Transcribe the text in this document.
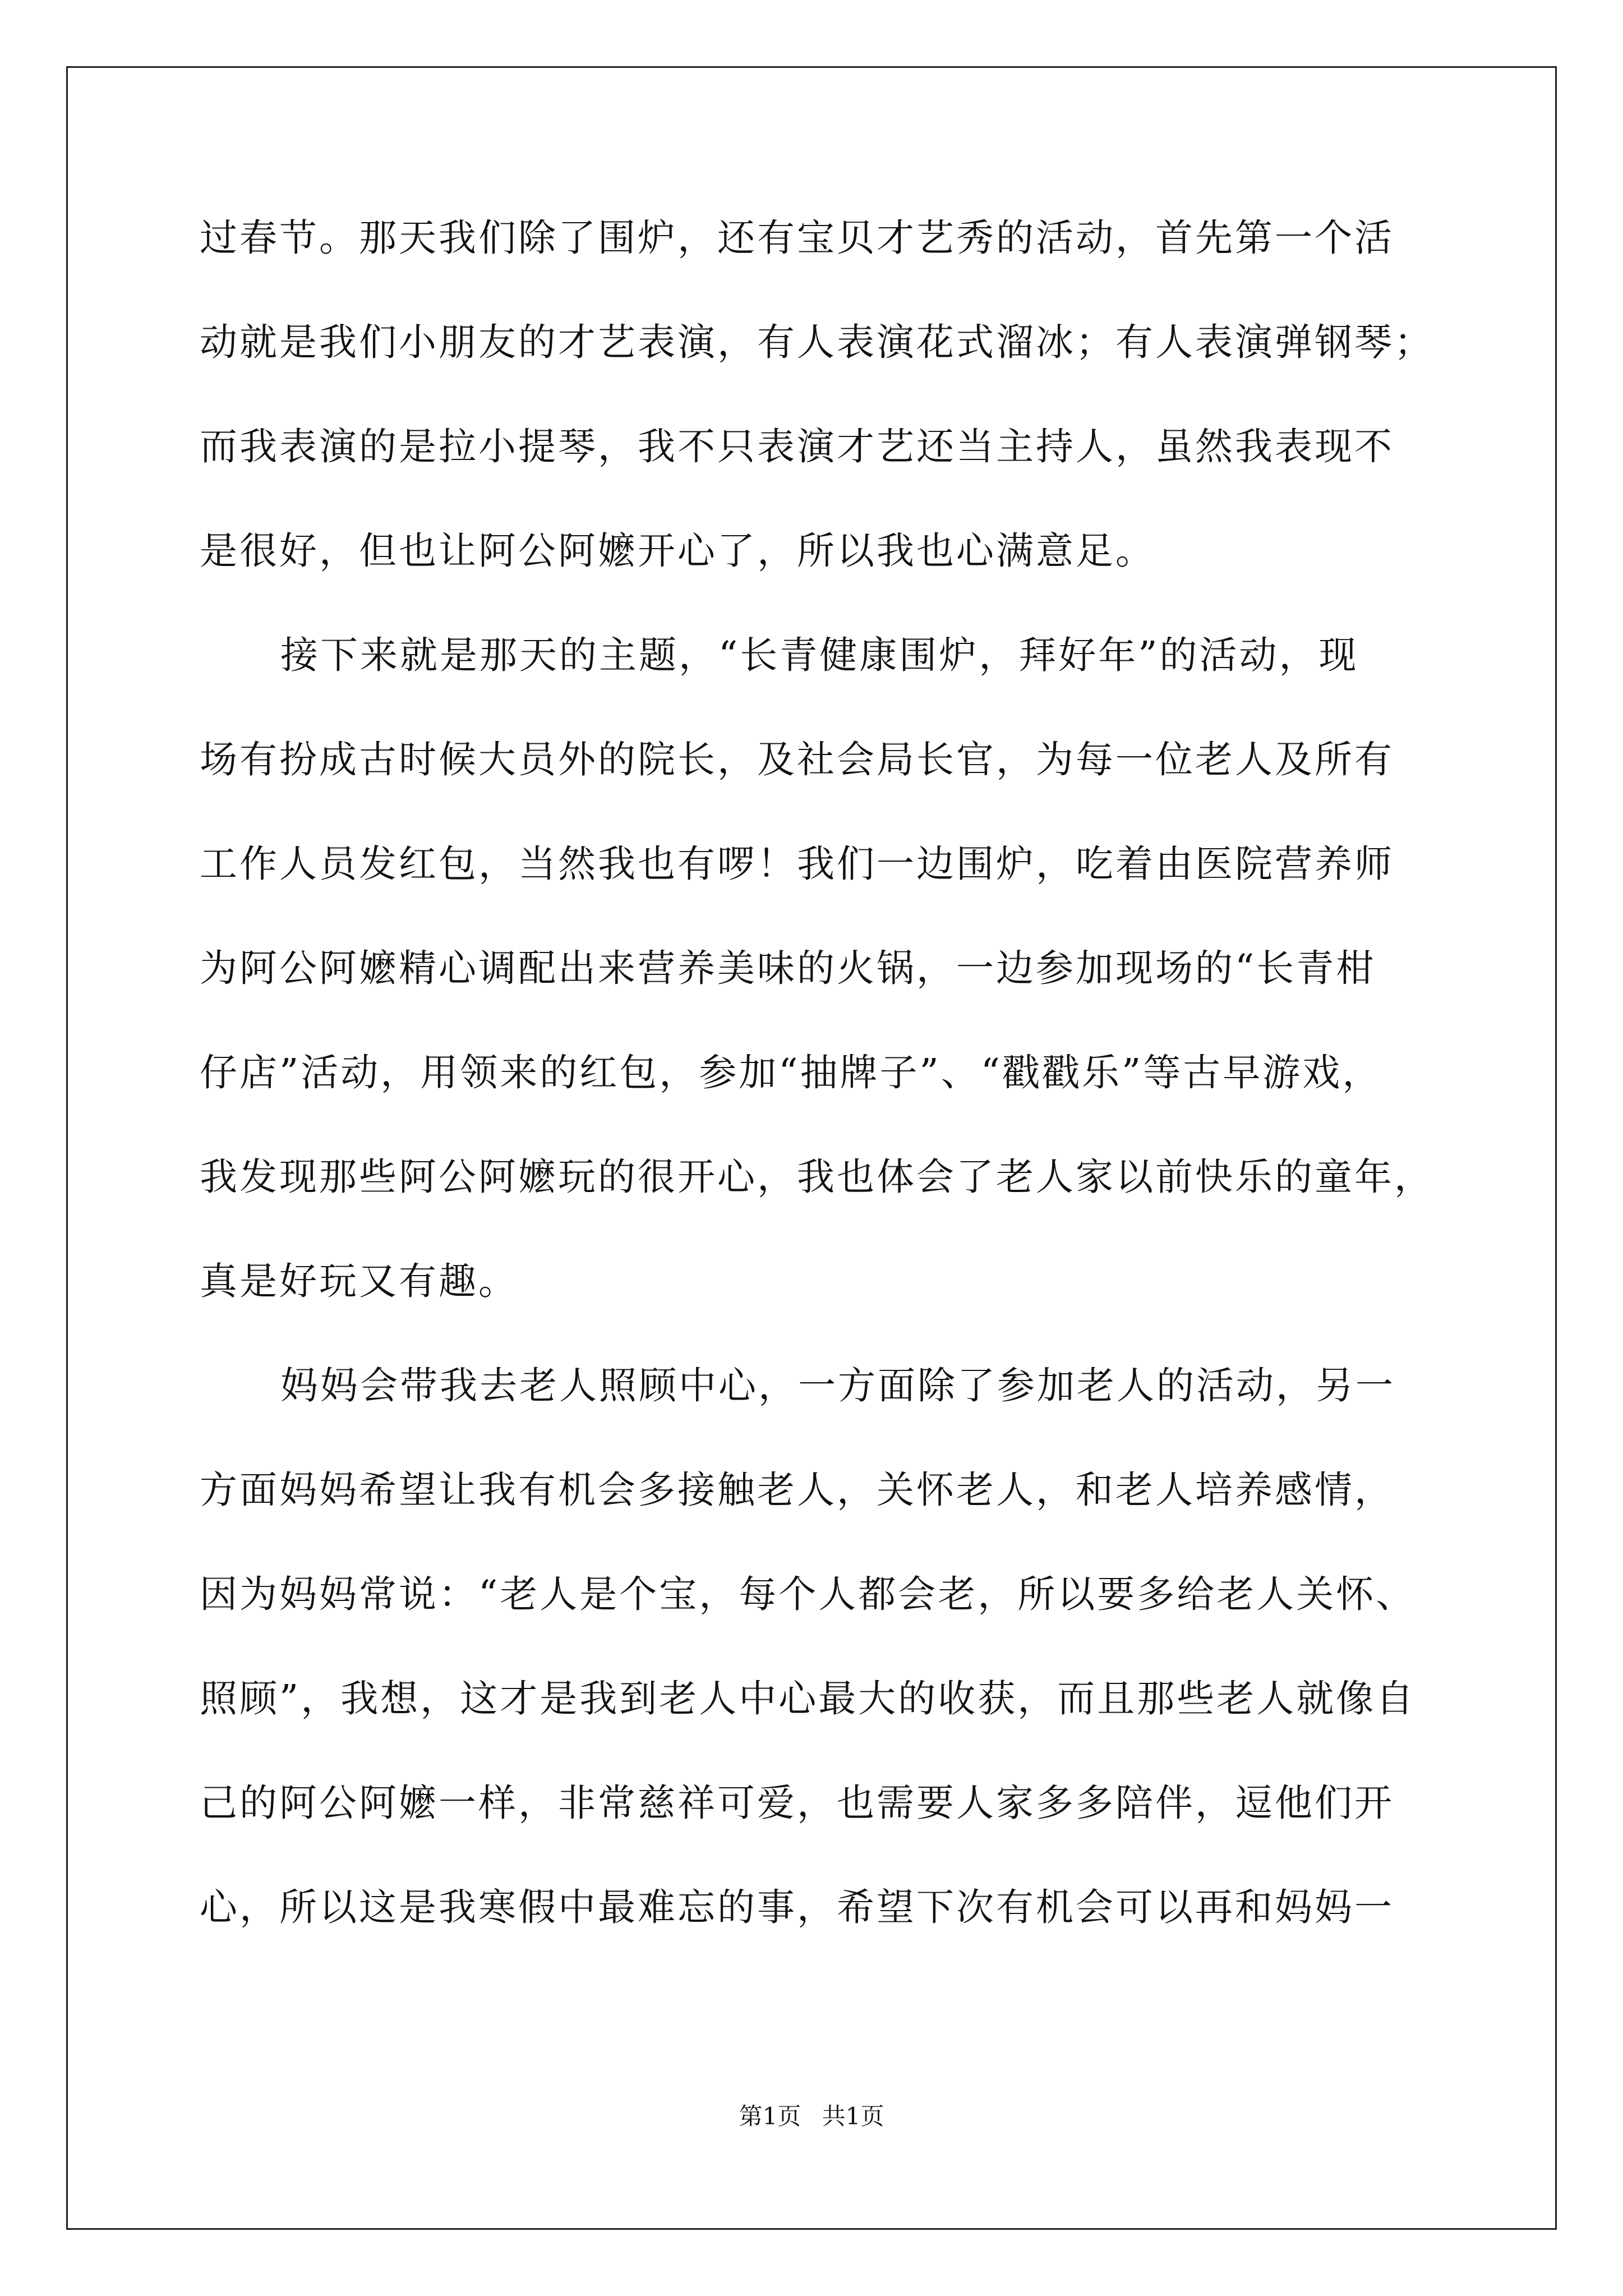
过春节。那天我们除了围炉，还有宝贝才艺秀的活动，首先第一个活
动就是我们小朋友的才艺表演，有人表演花式溜冰；有人表演弹钢琴；
而我表演的是拉小提琴，我不只表演才艺还当主持人，虽然我表现不
是很好，但也让阿公阿嬷开心了，所以我也心满意足。
接下来就是那天的主题，“长青健康围炉，拜好年”的活动，现
场有扮成古时候大员外的院长，及社会局长官，为每一位老人及所有
工作人员发红包，当然我也有啰！我们一边围炉，吃着由医院营养师
为阿公阿嬷精心调配出来营养美味的火锅，一边参加现场的“长青柑
仔店”活动，用领来的红包，参加“抽牌子”、“戳戳乐”等古早游戏，
我发现那些阿公阿嬷玩的很开心，我也体会了老人家以前快乐的童年，
真是好玩又有趣。
妈妈会带我去老人照顾中心，一方面除了参加老人的活动，另一
方面妈妈希望让我有机会多接触老人，关怀老人，和老人培养感情，
因为妈妈常说：“老人是个宝，每个人都会老，所以要多给老人关怀、
照顾”，我想，这才是我到老人中心最大的收获，而且那些老人就像自
己的阿公阿嬷一样，非常慈祥可爱，也需要人家多多陪伴，逗他们开
心，所以这是我寒假中最难忘的事，希望下次有机会可以再和妈妈一
第1页 共1页
